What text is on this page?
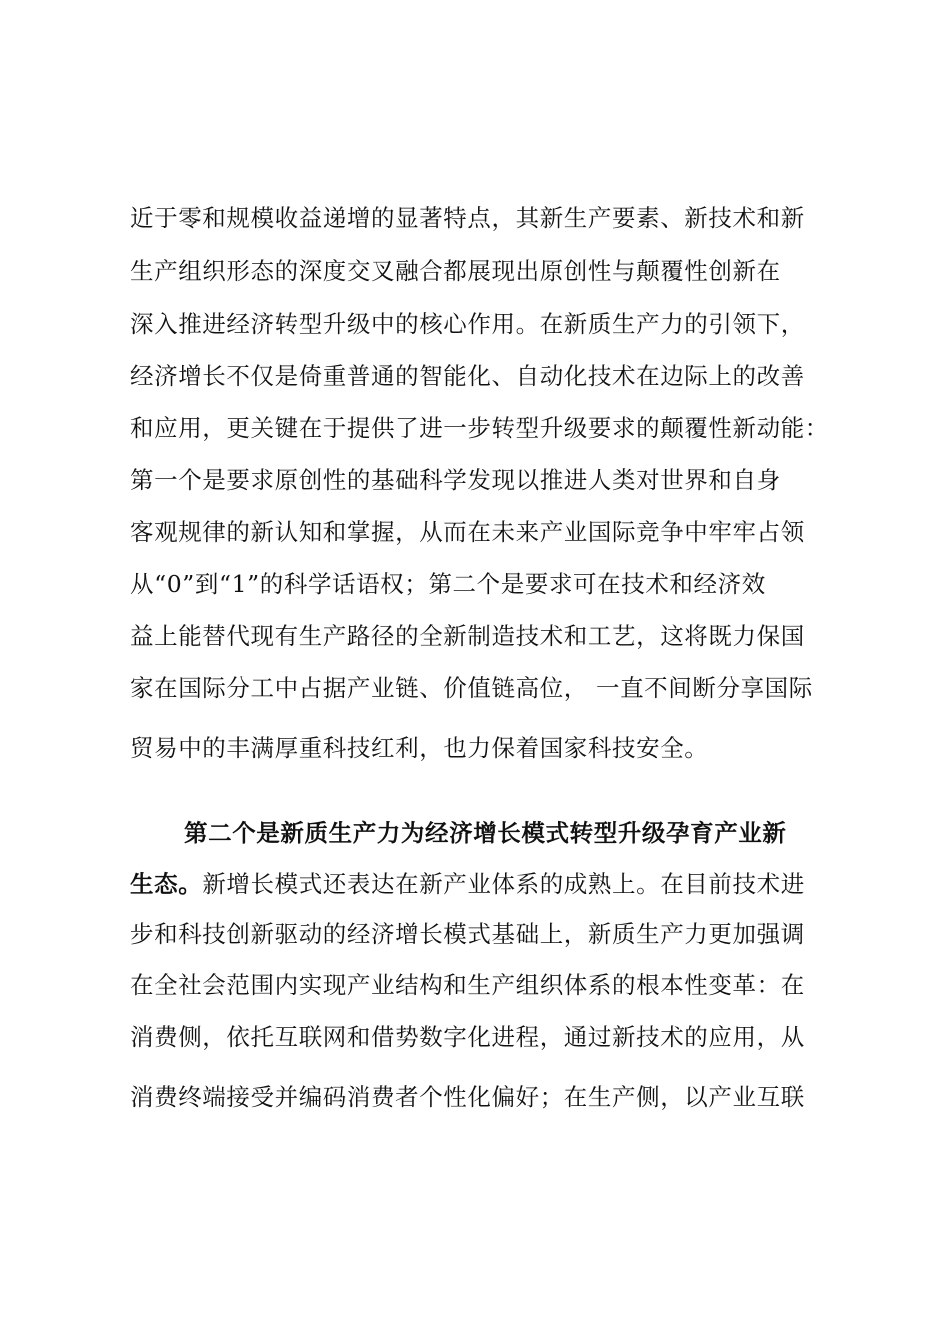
近于零和规模收益递增的显著特点，其新生产要素、新技术和新
生产组织形态的深度交叉融合都展现出原创性与颠覆性创新在
深入推进经济转型升级中的核心作用。在新质生产力的引领下，
经济增长不仅是倚重普通的智能化、自动化技术在边际上的改善
和应用，更关键在于提供了进一步转型升级要求的颠覆性新动能：
第一个是要求原创性的基础科学发现以推进人类对世界和自身
客观规律的新认知和掌握，从而在未来产业国际竞争中牢牢占领
从“0”到“1”的科学话语权；第二个是要求可在技术和经济效
益上能替代现有生产路径的全新制造技术和工艺，这将既力保国
家在国际分工中占据产业链、价值链高位， 一直不间断分享国际
贸易中的丰满厚重科技红利，也力保着国家科技安全。
第二个是新质生产力为经济增长模式转型升级孕育产业新
生态。新增长模式还表达在新产业体系的成熟上。在目前技术进
步和科技创新驱动的经济增长模式基础上，新质生产力更加强调
在全社会范围内实现产业结构和生产组织体系的根本性变革：在
消费侧，依托互联网和借势数字化进程，通过新技术的应用，从
消费终端接受并编码消费者个性化偏好；在生产侧，以产业互联
